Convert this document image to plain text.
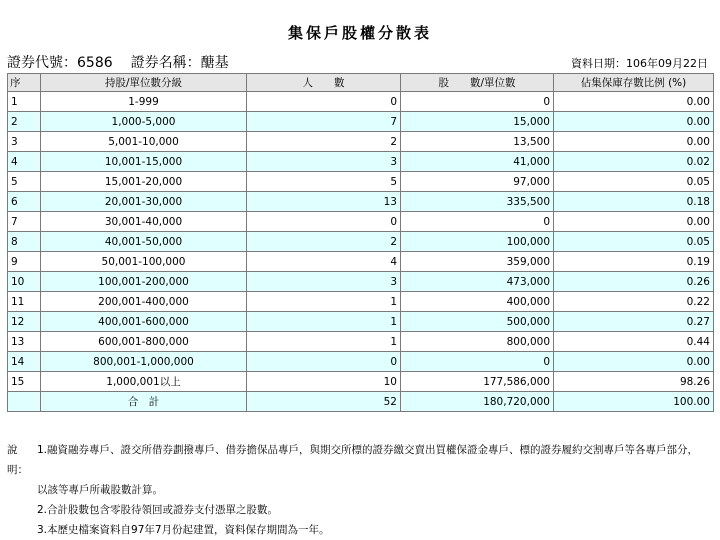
集保戶股權分散表
證券代號：6586 證券名稱：醣基	資料日期：106年09月22日
序	持股/單位數分級	人　　數	股　　數/單位數	佔集保庫存數比例 (%)
1	1-999	0	0	0.00
2	1,000-5,000	7	15,000	0.00
3	5,001-10,000	2	13,500	0.00
4	10,001-15,000	3	41,000	0.02
5	15,001-20,000	5	97,000	0.05
6	20,001-30,000	13	335,500	0.18
7	30,001-40,000	0	0	0.00
8	40,001-50,000	2	100,000	0.05
9	50,001-100,000	4	359,000	0.19
10	100,001-200,000	3	473,000	0.26
11	200,001-400,000	1	400,000	0.22
12	400,001-600,000	1	500,000	0.27
13	600,001-800,000	1	800,000	0.44
14	800,001-1,000,000	0	0	0.00
15	1,000,001以上	10	177,586,000	98.26
	合　計	52	180,720,000	100.00
說明：
1.融資融券專戶、證交所借券劃撥專戶、借券擔保品專戶，與期交所標的證券繳交賣出買權保證金專戶、標的證券履約交割專戶等各專戶部分，
以該等專戶所載股數計算。
2.合計股數包含零股待領回或證券支付憑單之股數。
3.本歷史檔案資料自97年7月份起建置，資料保存期間為一年。
